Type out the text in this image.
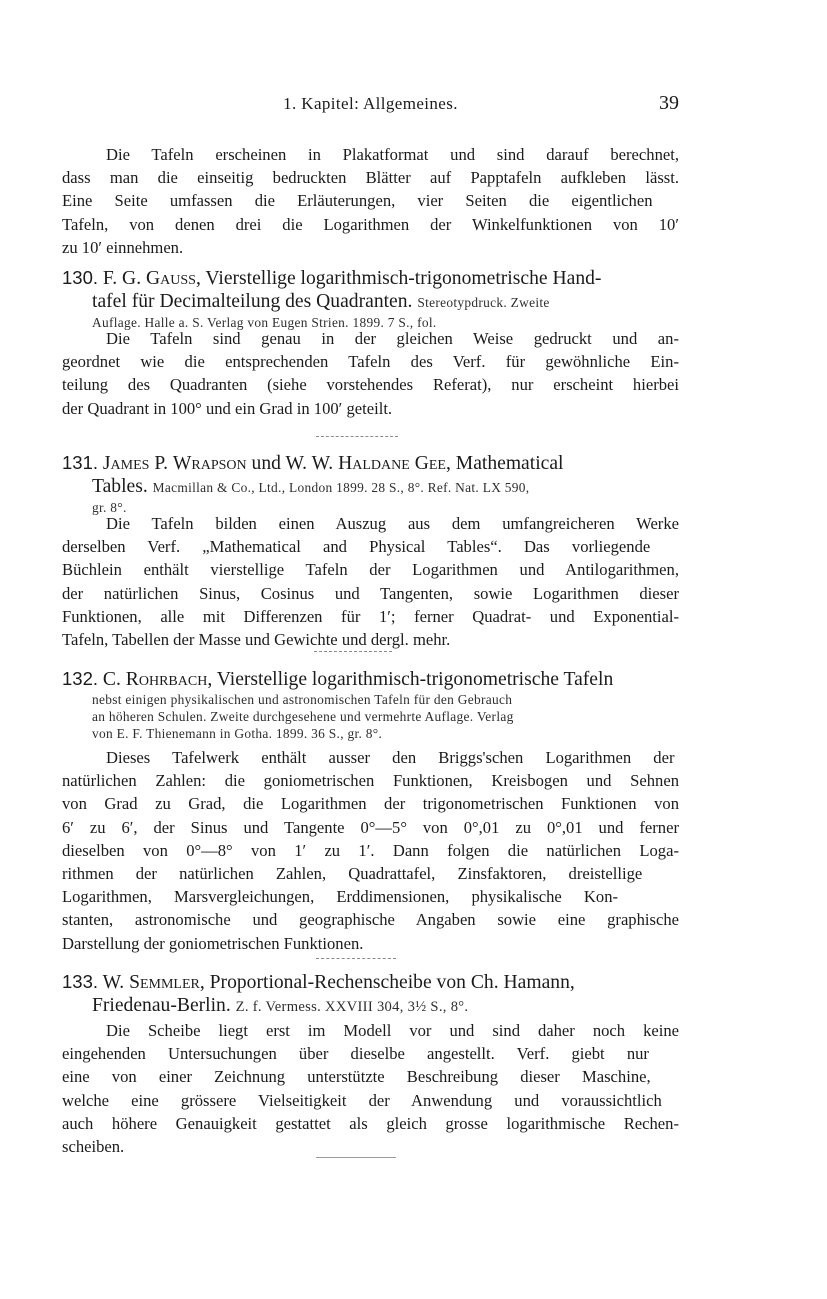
1. Kapitel: Allgemeines.	39
Die Tafeln erscheinen in Plakatformat und sind darauf berechnet,
dass man die einseitig bedruckten Blätter auf Papptafeln aufkleben lässt.
Eine Seite umfassen die Erläuterungen, vier Seiten die eigentlichen
Tafeln, von denen drei die Logarithmen der Winkelfunktionen von 10′
zu 10′ einnehmen.
130. F. G. Gauss, Vierstellige logarithmisch-trigonometrische Hand-
tafel für Decimalteilung des Quadranten. Stereotypdruck. Zweite
Auflage. Halle a. S. Verlag von Eugen Strien. 1899. 7 S., fol.
Die Tafeln sind genau in der gleichen Weise gedruckt und an-
geordnet wie die entsprechenden Tafeln des Verf. für gewöhnliche Ein-
teilung des Quadranten (siehe vorstehendes Referat), nur erscheint hierbei
der Quadrant in 100° und ein Grad in 100′ geteilt.
131. James P. Wrapson und W. W. Haldane Gee, Mathematical
Tables. Macmillan & Co., Ltd., London 1899. 28 S., 8°. Ref. Nat. LX 590,
gr. 8°.
Die Tafeln bilden einen Auszug aus dem umfangreicheren Werke
derselben Verf. „Mathematical and Physical Tables“. Das vorliegende
Büchlein enthält vierstellige Tafeln der Logarithmen und Antilogarithmen,
der natürlichen Sinus, Cosinus und Tangenten, sowie Logarithmen dieser
Funktionen, alle mit Differenzen für 1′; ferner Quadrat- und Exponential-
Tafeln, Tabellen der Masse und Gewichte und dergl. mehr.
132. C. Rohrbach, Vierstellige logarithmisch-trigonometrische Tafeln
nebst einigen physikalischen und astronomischen Tafeln für den Gebrauch
an höheren Schulen. Zweite durchgesehene und vermehrte Auflage. Verlag
von E. F. Thienemann in Gotha. 1899. 36 S., gr. 8°.
Dieses Tafelwerk enthält ausser den Briggs'schen Logarithmen der
natürlichen Zahlen: die goniometrischen Funktionen, Kreisbogen und Sehnen
von Grad zu Grad, die Logarithmen der trigonometrischen Funktionen von
6′ zu 6′, der Sinus und Tangente 0°—5° von 0°,01 zu 0°,01 und ferner
dieselben von 0°—8° von 1′ zu 1′. Dann folgen die natürlichen Loga-
rithmen der natürlichen Zahlen, Quadrattafel, Zinsfaktoren, dreistellige
Logarithmen, Marsvergleichungen, Erddimensionen, physikalische Kon-
stanten, astronomische und geographische Angaben sowie eine graphische
Darstellung der goniometrischen Funktionen.
133. W. Semmler, Proportional-Rechenscheibe von Ch. Hamann,
Friedenau-Berlin. Z. f. Vermess. XXVIII 304, 3½ S., 8°.
Die Scheibe liegt erst im Modell vor und sind daher noch keine
eingehenden Untersuchungen über dieselbe angestellt. Verf. giebt nur
eine von einer Zeichnung unterstützte Beschreibung dieser Maschine,
welche eine grössere Vielseitigkeit der Anwendung und voraussichtlich
auch höhere Genauigkeit gestattet als gleich grosse logarithmische Rechen-
scheiben.
